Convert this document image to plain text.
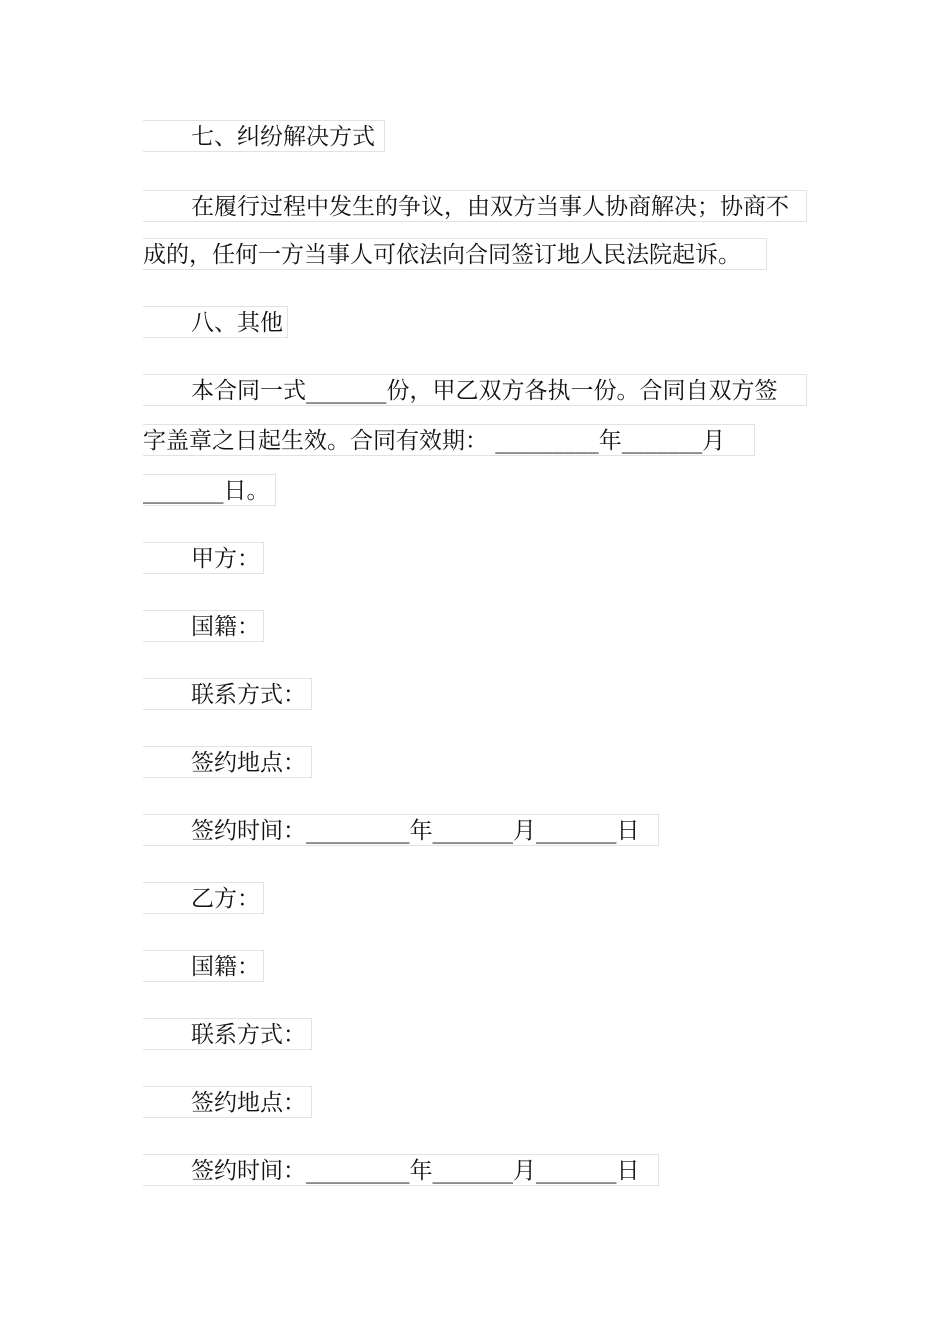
七、纠纷解决方式
在履行过程中发生的争议，由双方当事人协商解决；协商不
成的，任何一方当事人可依法向合同签订地人民法院起诉。
八、其他
本合同一式_______份，甲乙双方各执一份。合同自双方签
字盖章之日起生效。合同有效期： _________年_______月
_______日。
甲方：
国籍：
联系方式：
签约地点：
签约时间：_________年_______月_______日
乙方：
国籍：
联系方式：
签约地点：
签约时间：_________年_______月_______日
